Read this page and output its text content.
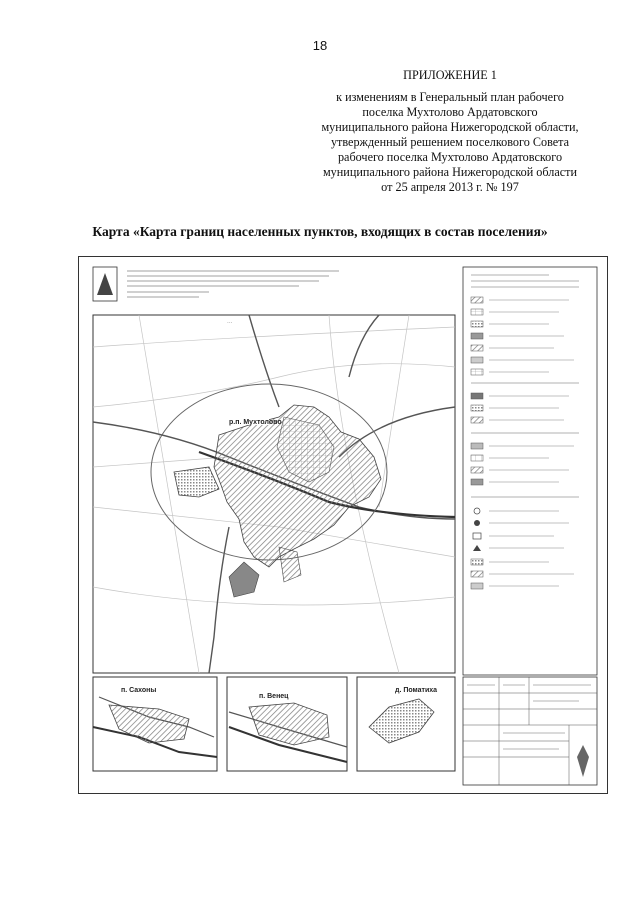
18
ПРИЛОЖЕНИЕ 1
к изменениям в Генеральный план рабочего
поселка Мухтолово Ардатовского
муниципального района Нижегородской области,
утвержденный решением поселкового Совета
рабочего поселка Мухтолово Ардатовского
муниципального района Нижегородской области
от 25 апреля 2013 г. № 197
Карта «Карта границ населенных пунктов, входящих в состав поселения»
р.п. Мухтолово
···
п. Сахоны
п. Венец
д. Поматиха
